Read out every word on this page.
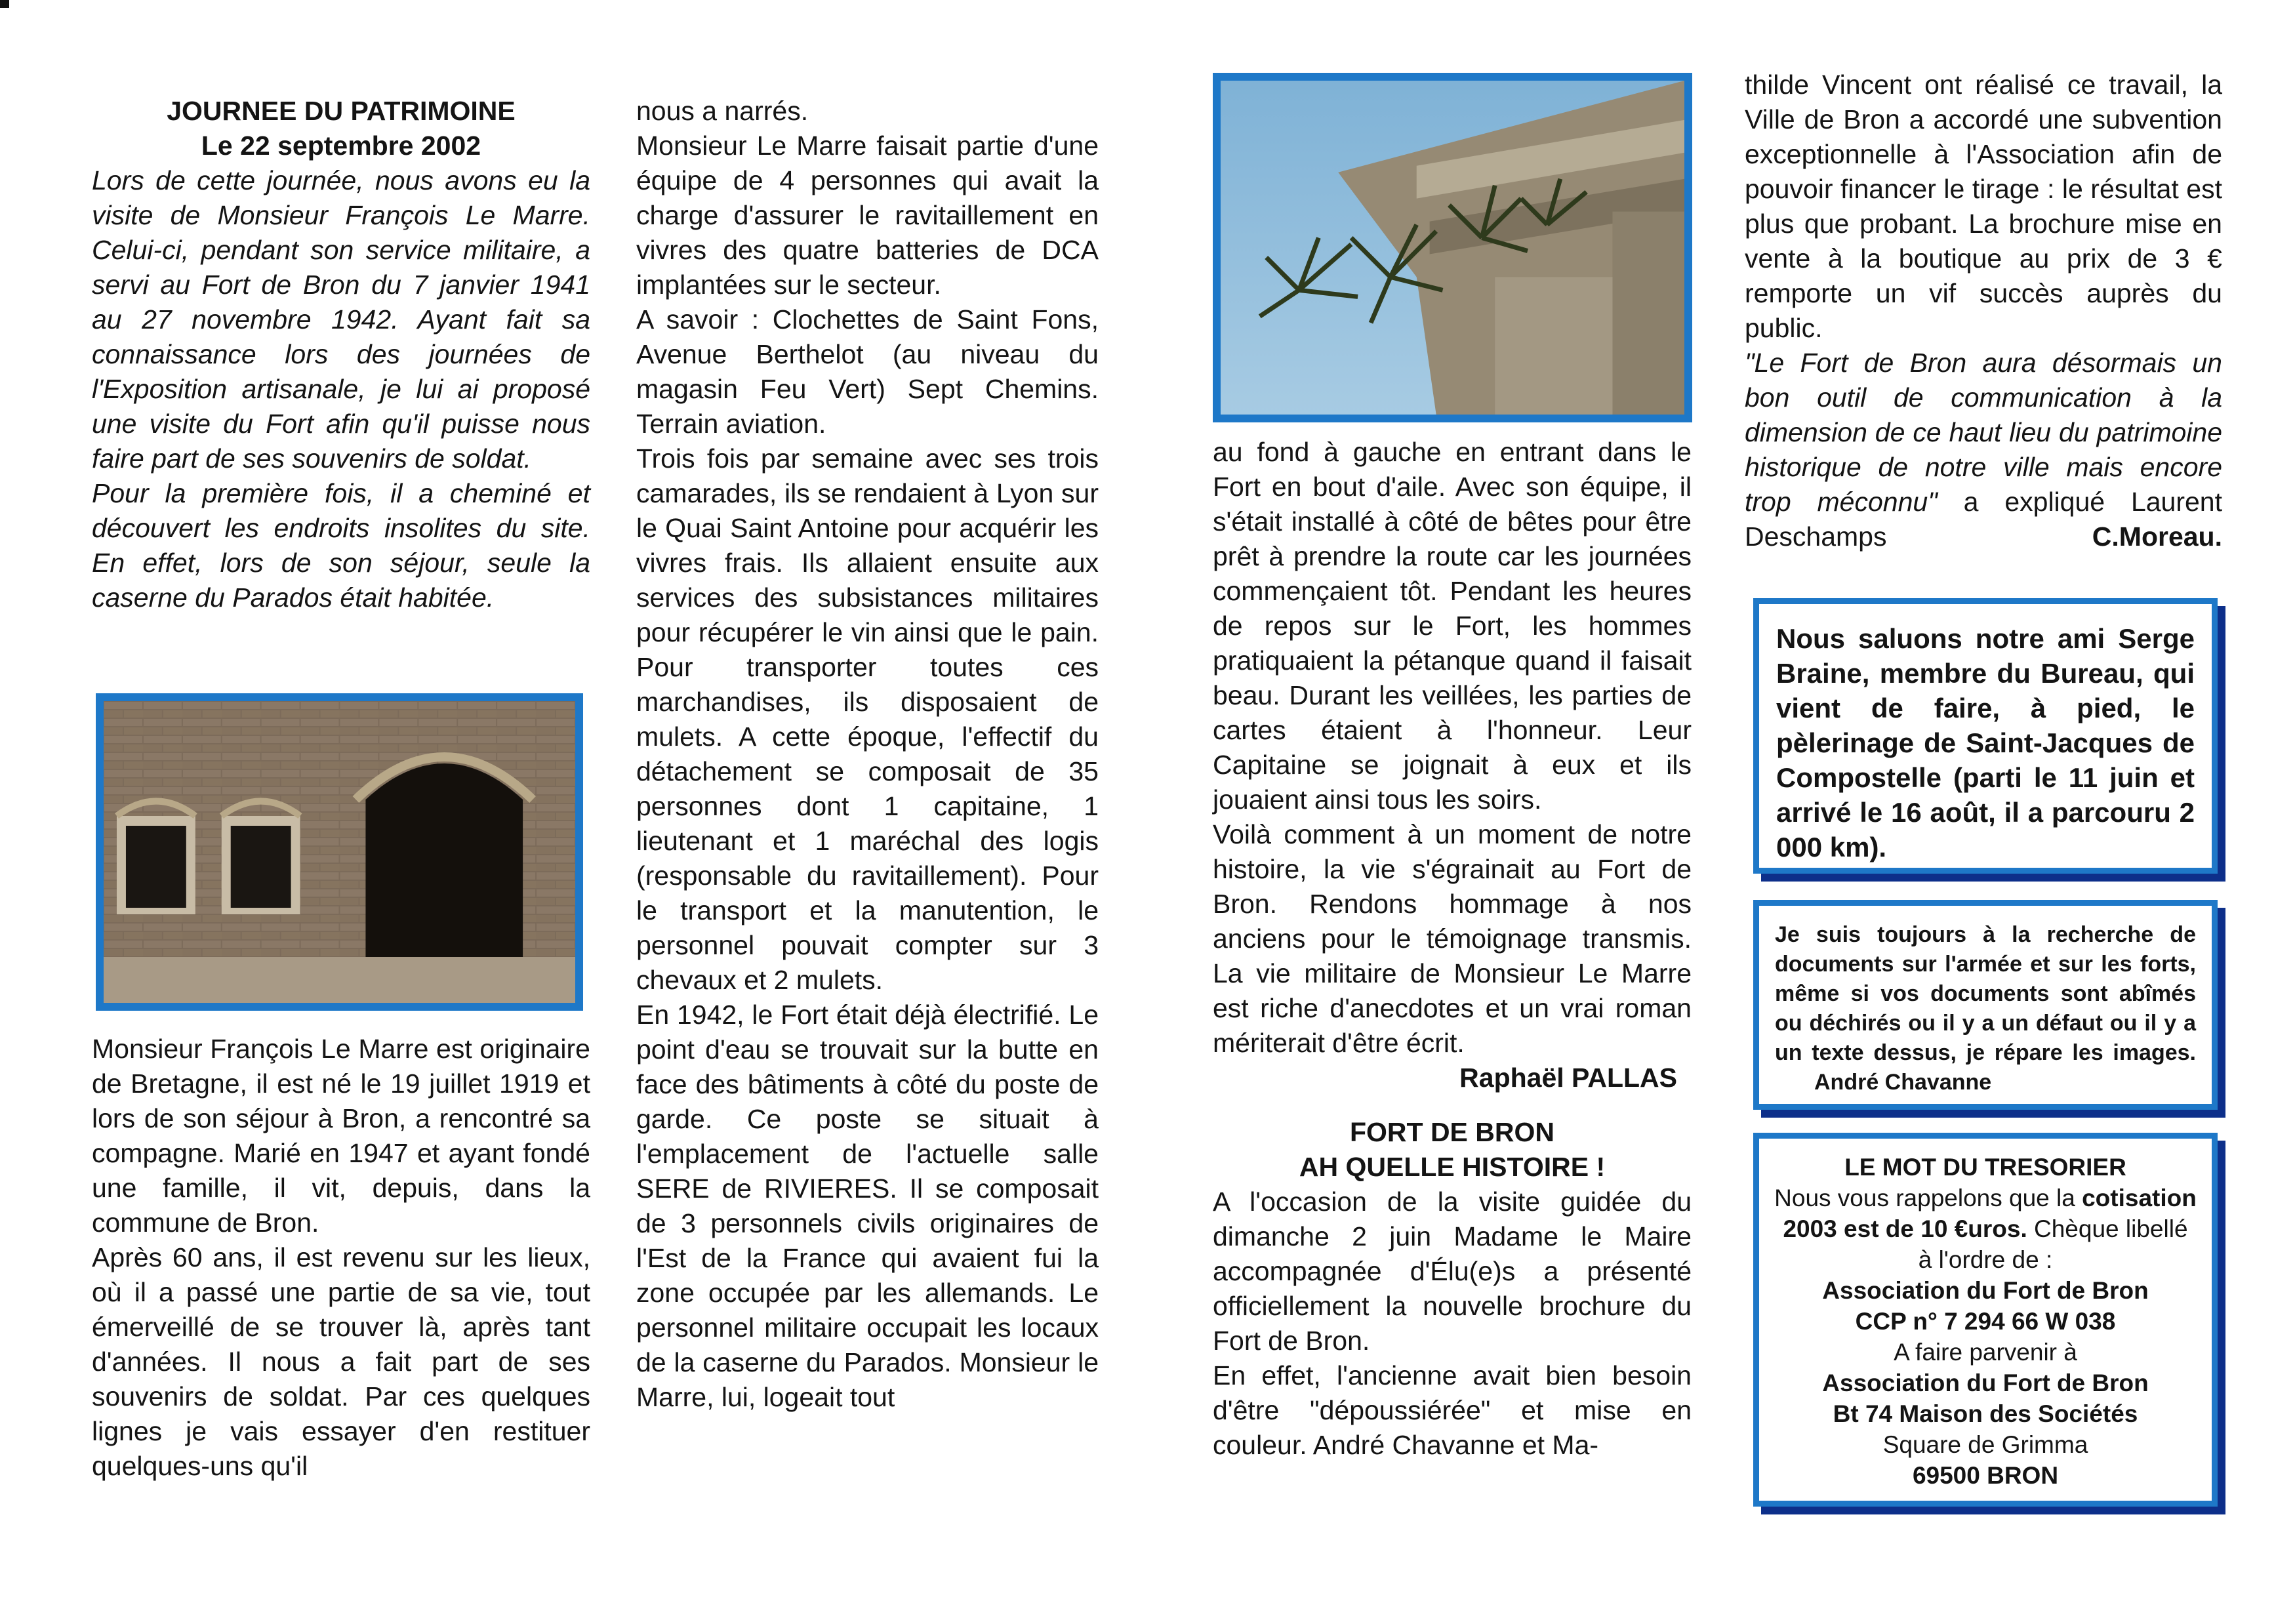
JOURNEE DU PATRIMOINE
Le 22 septembre 2002

Lors de cette journée, nous avons eu la visite de Monsieur François Le Marre. Celui-ci, pendant son service militaire, a servi au Fort de Bron du 7 janvier 1941 au 27 novembre 1942. Ayant fait sa connaissance lors des journées de l'Exposition artisanale, je lui ai proposé une visite du Fort afin qu'il puisse nous faire part de ses souvenirs de soldat.

Pour la première fois, il a cheminé et découvert les endroits insolites du site. En effet, lors de son séjour, seule la caserne du Parados était habitée.

Monsieur François Le Marre est originaire de Bretagne, il est né le 19 juillet 1919 et lors de son séjour à Bron, a rencontré sa compagne. Marié en 1947 et ayant fondé une famille, il vit, depuis, dans la commune de Bron.

Après 60 ans, il est revenu sur les lieux, où il a passé une partie de sa vie, tout émerveillé de se trouver là, après tant d'années. Il nous a fait part de ses souvenirs de soldat. Par ces quelques lignes je vais essayer d'en restituer quelques-uns qu'il

nous a narrés.

Monsieur Le Marre faisait partie d'une équipe de 4 personnes qui avait la charge d'assurer le ravitaillement en vivres des quatre batteries de DCA implantées sur le secteur.

A savoir : Clochettes de Saint Fons, Avenue Berthelot (au niveau du magasin Feu Vert) Sept Chemins. Terrain aviation.

Trois fois par semaine avec ses trois camarades, ils se rendaient à Lyon sur le Quai Saint Antoine pour acquérir les vivres frais. Ils allaient ensuite aux services des subsistances militaires pour récupérer le vin ainsi que le pain. Pour transporter toutes ces marchandises, ils disposaient de mulets. A cette époque, l'effectif du détachement se composait de 35 personnes dont 1 capitaine, 1 lieutenant et 1 maréchal des logis (responsable du ravitaillement). Pour le transport et la manutention, le personnel pouvait compter sur 3 chevaux et 2 mulets.

En 1942, le Fort était déjà électrifié. Le point d'eau se trouvait sur la butte en face des bâtiments à côté du poste de garde. Ce poste se situait à l'emplacement de l'actuelle salle SERE de RIVIERES. Il se composait de 3 personnels civils originaires de l'Est de la France qui avaient fui la zone occupée par les allemands. Le personnel militaire occupait les locaux de la caserne du Parados. Monsieur le Marre, lui, logeait tout

au fond à gauche en entrant dans le Fort en bout d'aile. Avec son équipe, il s'était installé à côté de bêtes pour être prêt à prendre la route car les journées commençaient tôt. Pendant les heures de repos sur le Fort, les hommes pratiquaient la pétanque quand il faisait beau. Durant les veillées, les parties de cartes étaient à l'honneur. Leur Capitaine se joignait à eux et ils jouaient ainsi tous les soirs.

Voilà comment à un moment de notre histoire, la vie s'égrainait au Fort de Bron. Rendons hommage à nos anciens pour le témoignage transmis. La vie militaire de Monsieur Le Marre est riche d'anecdotes et un vrai roman mériterait d'être écrit.

Raphaël PALLAS

FORT DE BRON
AH QUELLE HISTOIRE !

A l'occasion de la visite guidée du dimanche 2 juin Madame le Maire accompagnée d'Élu(e)s a présenté officiellement la nouvelle brochure du Fort de Bron.

En effet, l'ancienne avait bien besoin d'être "dépoussiérée" et mise en couleur. André Chavanne et Ma-

thilde Vincent ont réalisé ce travail, la Ville de Bron a accordé une subvention exceptionnelle à l'Association afin de pouvoir financer le tirage : le résultat est plus que probant. La brochure mise en vente à la boutique au prix de 3 € remporte un vif succès auprès du public.

"Le Fort de Bron aura désormais un bon outil de communication à la dimension de ce haut lieu du patrimoine historique de notre ville mais encore trop méconnu" a expliqué Laurent Deschamps	C.Moreau.

Nous saluons notre ami Serge Braine, membre du Bureau, qui vient de faire, à pied, le pèlerinage de Saint-Jacques de Compostelle (parti le 11 juin et arrivé le 16 août, il a parcouru 2 000 km).
Je suis toujours à la recherche de documents sur l'armée et sur les forts, même si vos documents sont abîmés ou déchirés ou il y a un défaut ou il y a un texte dessus, je répare les images.André Chavanne
LE MOT DU TRESORIER
Nous vous rappelons que la cotisation 2003 est de 10 €uros. Chèque libellé à l'ordre de :
Association du Fort de Bron
CCP n° 7 294 66 W 038
A faire parvenir à
Association du Fort de Bron
Bt 74 Maison des Sociétés
Square de Grimma
69500 BRON
